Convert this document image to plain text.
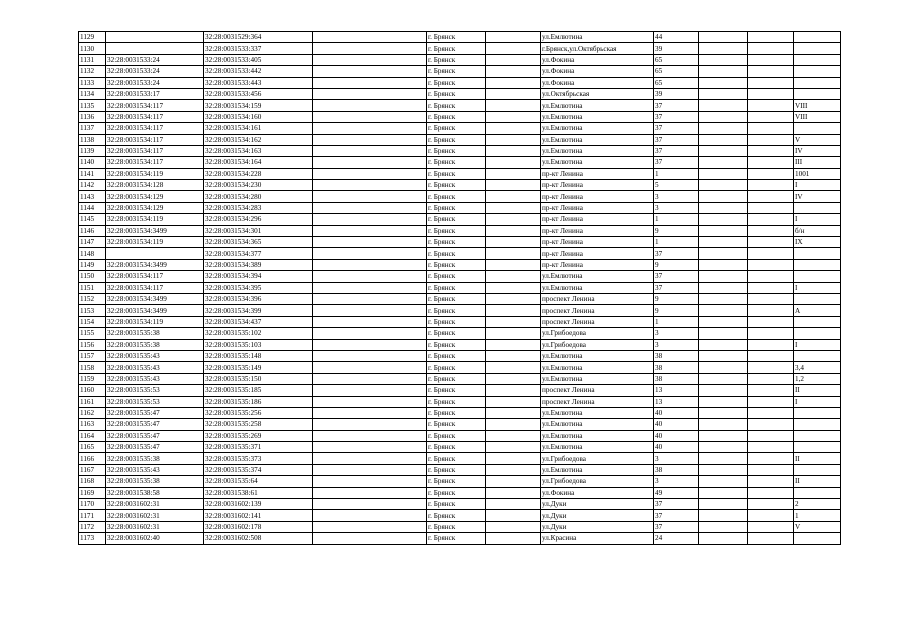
1129		32:28:0031529:364		г. Брянск		ул.Емлютина	44			
1130		32:28:0031533:337		г. Брянск		г.Брянск,ул.Октябрьская	39			
1131	32:28:0031533:24	32:28:0031533:405		г. Брянск		ул.Фокина	65			
1132	32:28:0031533:24	32:28:0031533:442		г. Брянск		ул.Фокина	65			
1133	32:28:0031533:24	32:28:0031533:443		г. Брянск		ул.Фокина	65			
1134	32:28:0031533:17	32:28:0031533:456		г. Брянск		ул.Октябрьская	39			
1135	32:28:0031534:117	32:28:0031534:159		г. Брянск		ул.Емлютина	37			VIII
1136	32:28:0031534:117	32:28:0031534:160		г. Брянск		ул.Емлютина	37			VIII
1137	32:28:0031534:117	32:28:0031534:161		г. Брянск		ул.Емлютина	37			
1138	32:28:0031534:117	32:28:0031534:162		г. Брянск		ул.Емлютина	37			V
1139	32:28:0031534:117	32:28:0031534:163		г. Брянск		ул.Емлютина	37			IV
1140	32:28:0031534:117	32:28:0031534:164		г. Брянск		ул.Емлютина	37			III
1141	32:28:0031534:119	32:28:0031534:228		г. Брянск		пр-кт Ленина	1			1001
1142	32:28:0031534:128	32:28:0031534:230		г. Брянск		пр-кт Ленина	5			I
1143	32:28:0031534:129	32:28:0031534:280		г. Брянск		пр-кт Ленина	3			IV
1144	32:28:0031534:129	32:28:0031534:283		г. Брянск		пр-кт Ленина	3			
1145	32:28:0031534:119	32:28:0031534:296		г. Брянск		пр-кт Ленина	1			I
1146	32:28:0031534:3499	32:28:0031534:301		г. Брянск		пр-кт Ленина	9			б/н
1147	32:28:0031534:119	32:28:0031534:365		г. Брянск		пр-кт Ленина	1			IX
1148		32:28:0031534:377		г. Брянск		пр-кт Ленина	37			
1149	32:28:0031534:3499	32:28:0031534:389		г. Брянск		пр-кт Ленина	9			
1150	32:28:0031534:117	32:28:0031534:394		г. Брянск		ул.Емлютина	37			
1151	32:28:0031534:117	32:28:0031534:395		г. Брянск		ул.Емлютина	37			I
1152	32:28:0031534:3499	32:28:0031534:396		г. Брянск		проспект Ленина	9			
1153	32:28:0031534:3499	32:28:0031534:399		г. Брянск		проспект Ленина	9			А
1154	32:28:0031534:119	32:28:0031534:437		г. Брянск		проспект Ленина	1			
1155	32:28:0031535:38	32:28:0031535:102		г. Брянск		ул.Грибоедова	3			
1156	32:28:0031535:38	32:28:0031535:103		г. Брянск		ул.Грибоедова	3			I
1157	32:28:0031535:43	32:28:0031535:148		г. Брянск		ул.Емлютина	38			
1158	32:28:0031535:43	32:28:0031535:149		г. Брянск		ул.Емлютина	38			3,4
1159	32:28:0031535:43	32:28:0031535:150		г. Брянск		ул.Емлютина	38			1,2
1160	32:28:0031535:53	32:28:0031535:185		г. Брянск		проспект Ленина	13			II
1161	32:28:0031535:53	32:28:0031535:186		г. Брянск		проспект Ленина	13			I
1162	32:28:0031535:47	32:28:0031535:256		г. Брянск		ул.Емлютина	40			
1163	32:28:0031535:47	32:28:0031535:258		г. Брянск		ул.Емлютина	40			
1164	32:28:0031535:47	32:28:0031535:269		г. Брянск		ул.Емлютина	40			
1165	32:28:0031535:47	32:28:0031535:371		г. Брянск		ул.Емлютина	40			
1166	32:28:0031535:38	32:28:0031535:373		г. Брянск		ул.Грибоедова	3			II
1167	32:28:0031535:43	32:28:0031535:374		г. Брянск		ул.Емлютина	38			
1168	32:28:0031535:38	32:28:0031535:64		г. Брянск		ул.Грибоедова	3			II
1169	32:28:0031538:58	32:28:0031538:61		г. Брянск		ул.Фокина	49			
1170	32:28:0031602:31	32:28:0031602:139		г. Брянск		ул.Дуки	37			2
1171	32:28:0031602:31	32:28:0031602:141		г. Брянск		ул.Дуки	37			1
1172	32:28:0031602:31	32:28:0031602:178		г. Брянск		ул.Дуки	37			V
1173	32:28:0031602:40	32:28:0031602:508		г. Брянск		ул.Красина	24			
